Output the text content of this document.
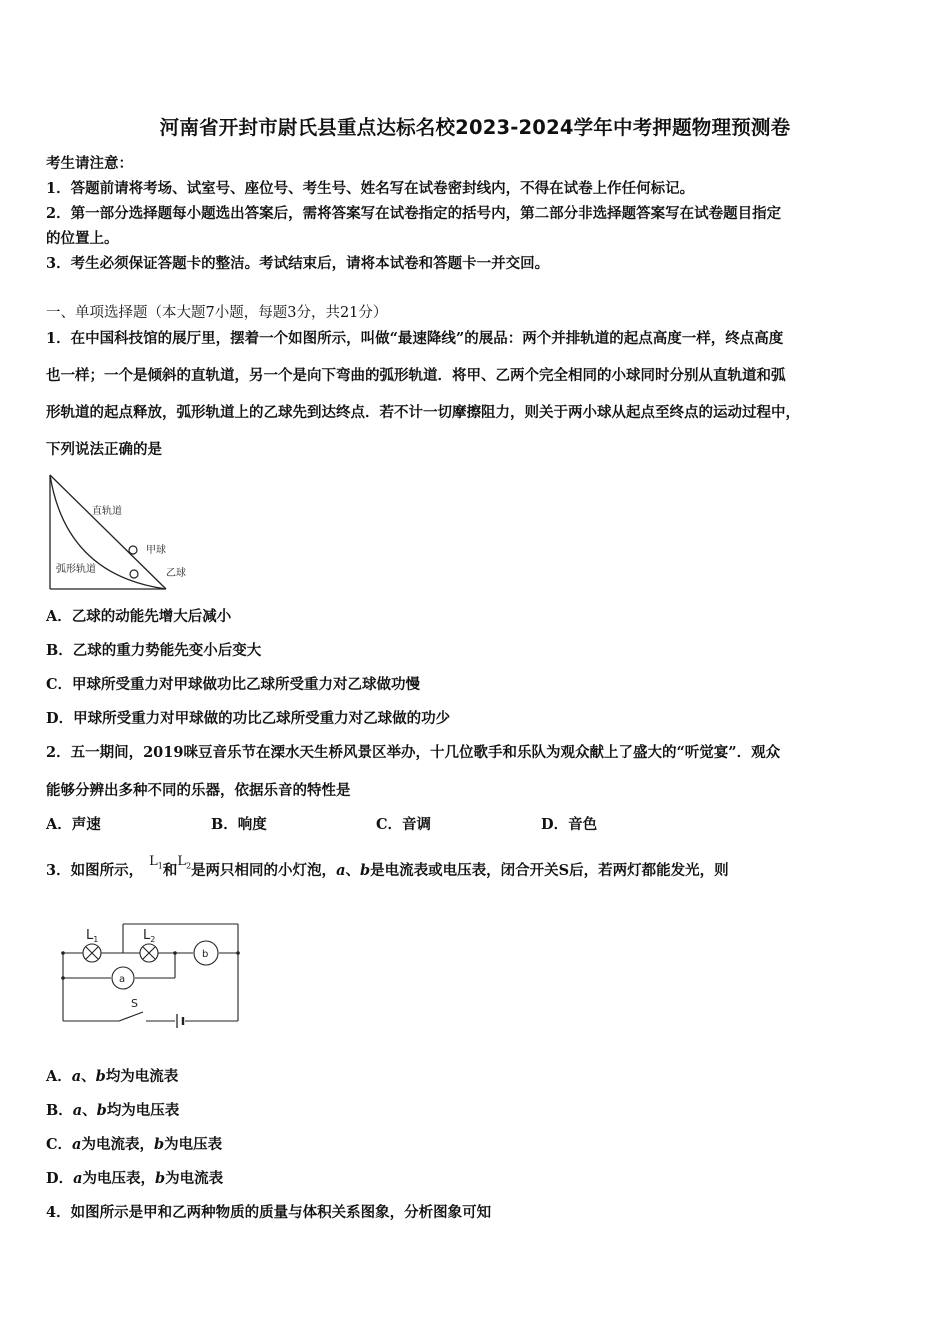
河南省开封市尉氏县重点达标名校2023-2024学年中考押题物理预测卷
考生请注意：
1．答题前请将考场、试室号、座位号、考生号、姓名写在试卷密封线内，不得在试卷上作任何标记。
2．第一部分选择题每小题选出答案后，需将答案写在试卷指定的括号内，第二部分非选择题答案写在试卷题目指定
的位置上。
3．考生必须保证答题卡的整洁。考试结束后，请将本试卷和答题卡一并交回。
一、单项选择题（本大题7小题，每题3分，共21分）
1．在中国科技馆的展厅里，摆着一个如图所示，叫做“最速降线”的展品：两个并排轨道的起点高度一样，终点高度
也一样；一个是倾斜的直轨道，另一个是向下弯曲的弧形轨道．将甲、乙两个完全相同的小球同时分别从直轨道和弧
形轨道的起点释放，弧形轨道上的乙球先到达终点．若不计一切摩擦阻力，则关于两小球从起点至终点的运动过程中，
下列说法正确的是
直轨道
甲球
弧形轨道	乙球
A．乙球的动能先增大后减小
B．乙球的重力势能先变小后变大
C．甲球所受重力对甲球做功比乙球所受重力对乙球做功慢
D．甲球所受重力对甲球做的功比乙球所受重力对乙球做的功少
2．五一期间，2019咪豆音乐节在溧水天生桥风景区举办，十几位歌手和乐队为观众献上了盛大的“听觉宴”．观众
能够分辨出多种不同的乐器，依据乐音的特性是
A．声速	B．响度	C．音调	D．音色
3．如图所示，$L_1$和$L_2$是两只相同的小灯泡，a、b是电流表或电压表，闭合开关S后，若两灯都能发光，则
$L_1$	$L_2$
a
b
S
A．a、b均为电流表
B．a、b均为电压表
C．a为电流表，b为电压表
D．a为电压表，b为电流表
4．如图所示是甲和乙两种物质的质量与体积关系图象，分析图象可知
